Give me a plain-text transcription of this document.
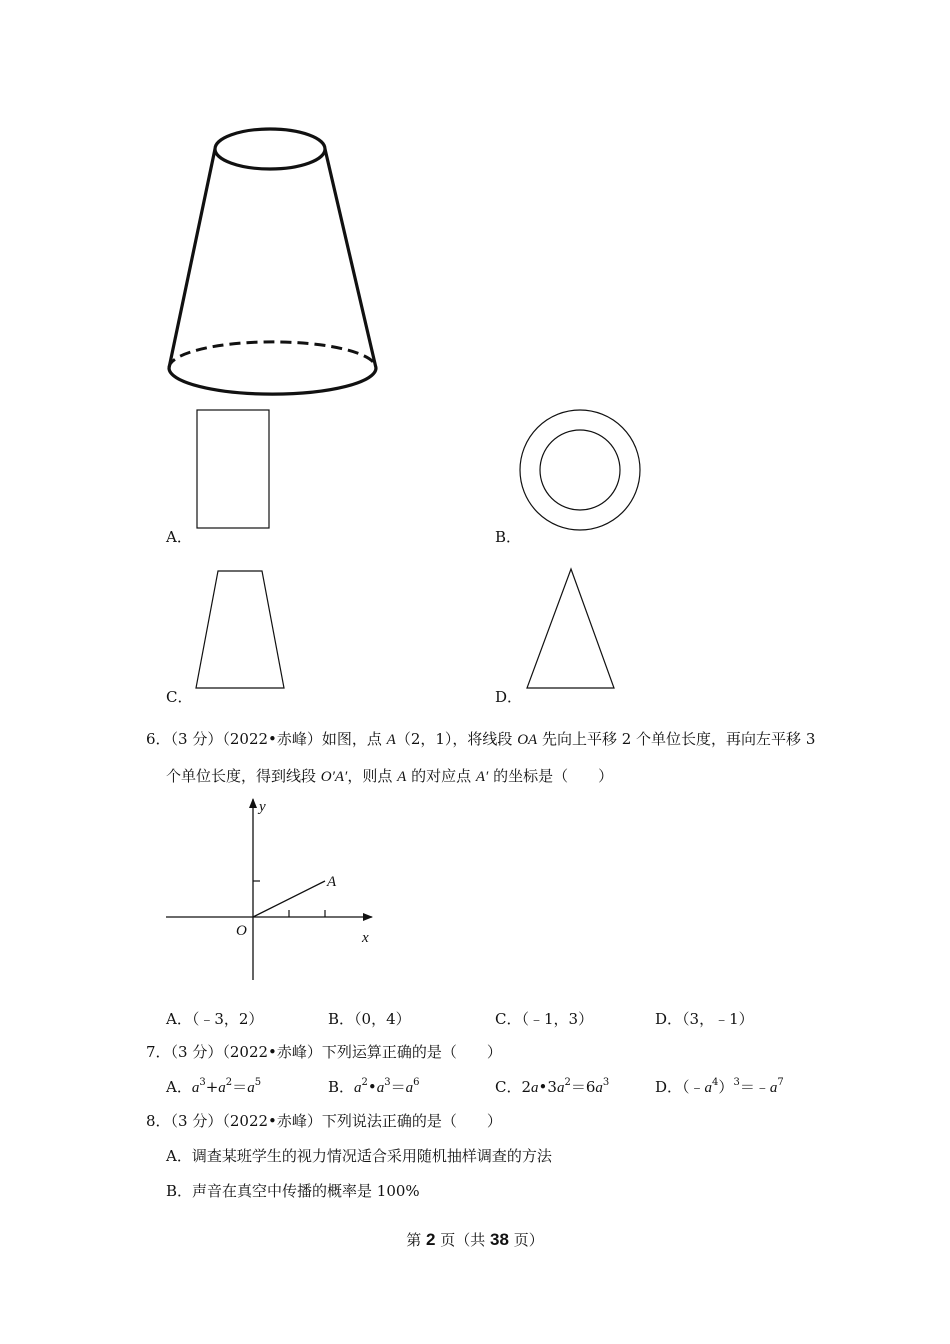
A．	B．
C．	D．
6．（3 分）（2022•赤峰）如图，点 A（2，1），将线段 OA 先向上平移 2 个单位长度，再向左平移 3
个单位长度，得到线段 O′A′，则点 A 的对应点 A′ 的坐标是（　　）
y
x
O
A
A．（﹣3，2）	B．（0，4）	C．（﹣1，3）	D．（3，﹣1）
7．（3 分）（2022•赤峰）下列运算正确的是（　　）
A．$a^3+a^2=a^5$	B．$a^2•a^3=a^6$	C．$2a•3a^2=6a^3$	D．$(﹣a^4)^3=﹣a^7$
8．（3 分）（2022•赤峰）下列说法正确的是（　　）
A．调查某班学生的视力情况适合采用随机抽样调查的方法
B．声音在真空中传播的概率是 100%
第 2 页（共 38 页）
